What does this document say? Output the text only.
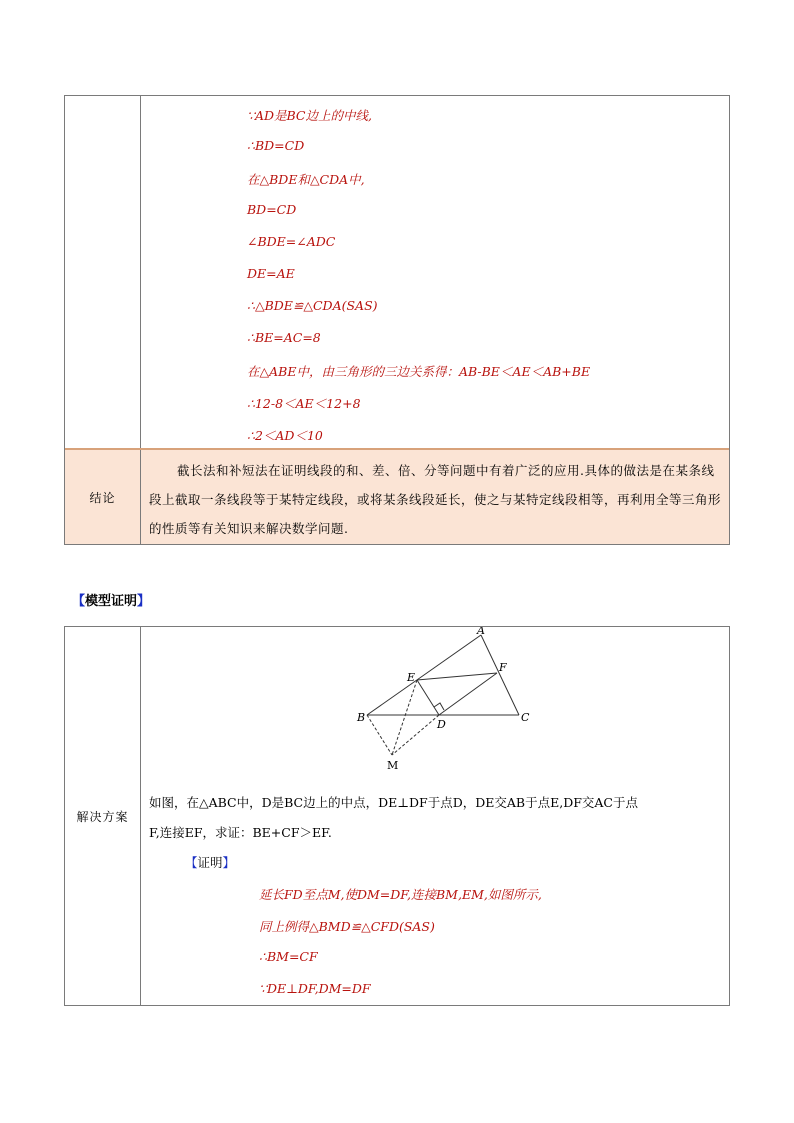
∵AD是BC边上的中线,
∴BD=CD
在△BDE和△CDA中,
BD=CD
∠BDE=∠ADC
DE=AE
∴△BDE≌△CDA(SAS)
∴BE=AC=8
在△ABE中，由三角形的三边关系得：AB-BE＜AE＜AB+BE
∴12-8＜AE＜12+8
∴2＜AD＜10
结论
截长法和补短法在证明线段的和、差、倍、分等问题中有着广泛的应用.具体的做法是在某条线段上截取一条线段等于某特定线段，或将某条线段延长，使之与某特定线段相等，再利用全等三角形的性质等有关知识来解决数学问题.
【模型证明】
解决方案
A
B	C
D
E
F
M
如图，在△ABC中，D是BC边上的中点，DE⊥DF于点D，DE交AB于点E,DF交AC于点
F,连接EF，求证：BE+CF＞EF.
【证明】
延长FD至点M,使DM=DF,连接BM,EM,如图所示,
同上例得△BMD≌△CFD(SAS)
∴BM=CF
∵DE⊥DF,DM=DF
